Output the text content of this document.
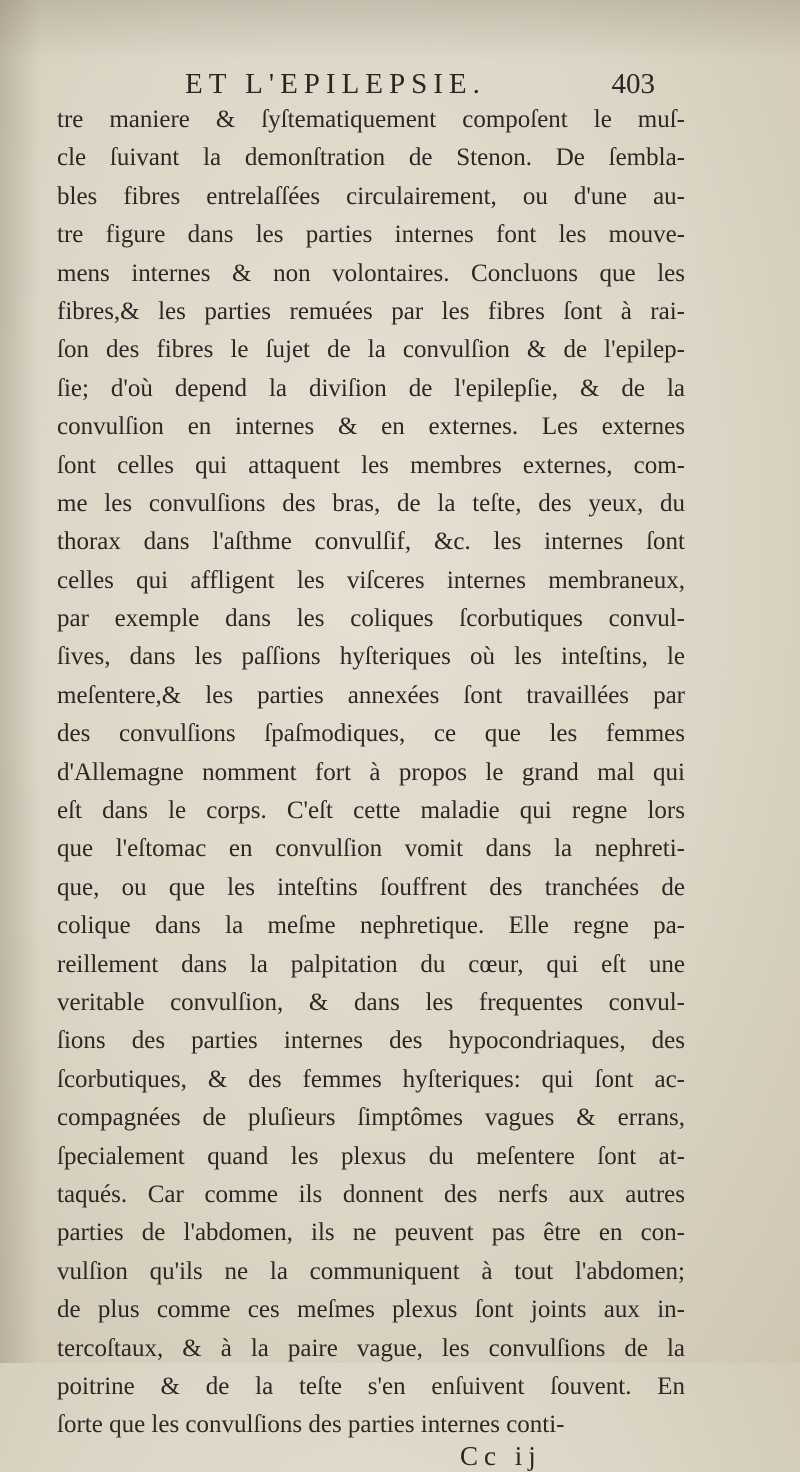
ET L'EPILEPSIE.	403
tre maniere & ſyſtematiquement compoſent le muſ-
cle ſuivant la demonſtration de Stenon. De ſembla-
bles fibres entrelaſſées circulairement, ou d'une au-
tre figure dans les parties internes font les mouve-
mens internes & non volontaires. Concluons que les
fibres,& les parties remuées par les fibres ſont à rai-
ſon des fibres le ſujet de la convulſion & de l'epilep-
ſie; d'où depend la diviſion de l'epilepſie, & de la
convulſion en internes & en externes. Les externes
ſont celles qui attaquent les membres externes, com-
me les convulſions des bras, de la teſte, des yeux, du
thorax dans l'aſthme convulſif, &c. les internes ſont
celles qui affligent les viſceres internes membraneux,
par exemple dans les coliques ſcorbutiques convul-
ſives, dans les paſſions hyſteriques où les inteſtins, le
meſentere,& les parties annexées ſont travaillées par
des convulſions ſpaſmodiques, ce que les femmes
d'Allemagne nomment fort à propos le grand mal qui
eſt dans le corps. C'eſt cette maladie qui regne lors
que l'eſtomac en convulſion vomit dans la nephreti-
que, ou que les inteſtins ſouffrent des tranchées de
colique dans la meſme nephretique. Elle regne pa-
reillement dans la palpitation du cœur, qui eſt une
veritable convulſion, & dans les frequentes convul-
ſions des parties internes des hypocondriaques, des
ſcorbutiques, & des femmes hyſteriques: qui ſont ac-
compagnées de pluſieurs ſimptômes vagues & errans,
ſpecialement quand les plexus du meſentere ſont at-
taqués. Car comme ils donnent des nerfs aux autres
parties de l'abdomen, ils ne peuvent pas être en con-
vulſion qu'ils ne la communiquent à tout l'abdomen;
de plus comme ces meſmes plexus ſont joints aux in-
tercoſtaux, & à la paire vague, les convulſions de la
poitrine & de la teſte s'en enſuivent ſouvent. En
ſorte que les convulſions des parties internes conti-
Cc ij
